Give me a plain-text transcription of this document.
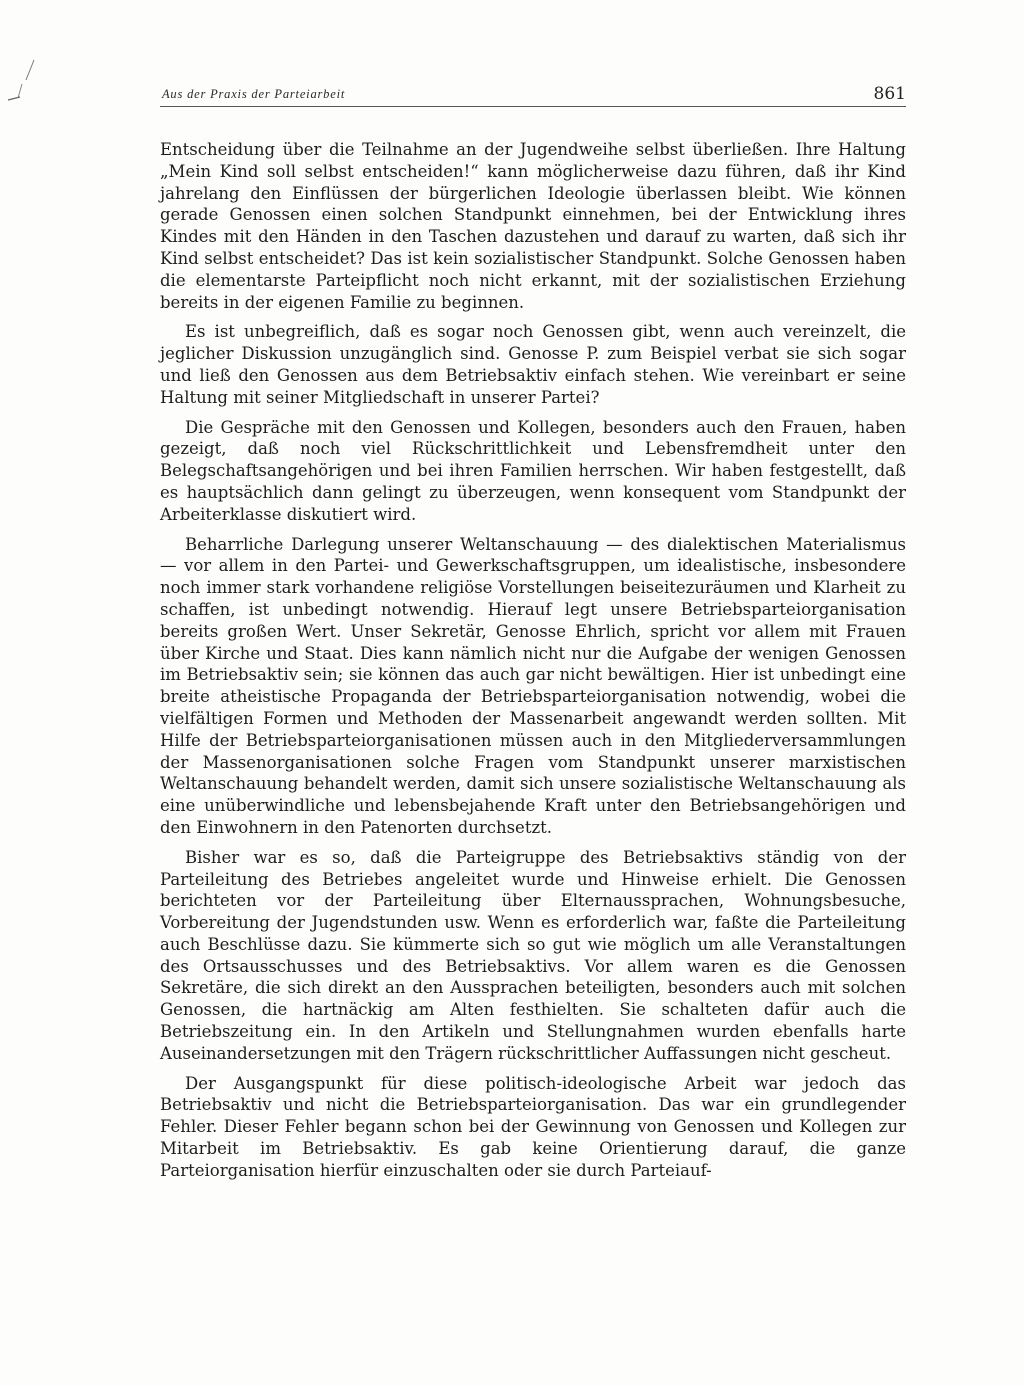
Aus der Praxis der Parteiarbeit	861

Entscheidung über die Teilnahme an der Jugendweihe selbst überließen. Ihre Haltung „Mein Kind soll selbst entscheiden!“ kann möglicherweise dazu führen, daß ihr Kind jahrelang den Einflüssen der bürgerlichen Ideologie überlassen bleibt. Wie können gerade Genossen einen solchen Standpunkt einnehmen, bei der Entwicklung ihres Kindes mit den Händen in den Taschen dazustehen und darauf zu warten, daß sich ihr Kind selbst entscheidet? Das ist kein sozialistischer Standpunkt. Solche Genossen haben die elementarste Parteipflicht noch nicht erkannt, mit der sozialistischen Erziehung bereits in der eigenen Familie zu beginnen.

Es ist unbegreiflich, daß es sogar noch Genossen gibt, wenn auch vereinzelt, die jeglicher Diskussion unzugänglich sind. Genosse P. zum Beispiel verbat sie sich sogar und ließ den Genossen aus dem Betriebsaktiv einfach stehen. Wie vereinbart er seine Haltung mit seiner Mitgliedschaft in unserer Partei?

Die Gespräche mit den Genossen und Kollegen, besonders auch den Frauen, haben gezeigt, daß noch viel Rückschrittlichkeit und Lebensfremdheit unter den Belegschaftsangehörigen und bei ihren Familien herrschen. Wir haben festgestellt, daß es hauptsächlich dann gelingt zu überzeugen, wenn konsequent vom Standpunkt der Arbeiterklasse diskutiert wird.

Beharrliche Darlegung unserer Weltanschauung — des dialektischen Materialismus — vor allem in den Partei- und Gewerkschaftsgruppen, um idealistische, insbesondere noch immer stark vorhandene religiöse Vorstellungen beiseitezuräumen und Klarheit zu schaffen, ist unbedingt notwendig. Hierauf legt unsere Betriebsparteiorganisation bereits großen Wert. Unser Sekretär, Genosse Ehrlich, spricht vor allem mit Frauen über Kirche und Staat. Dies kann nämlich nicht nur die Aufgabe der wenigen Genossen im Betriebsaktiv sein; sie können das auch gar nicht bewältigen. Hier ist unbedingt eine breite atheistische Propaganda der Betriebsparteiorganisation notwendig, wobei die vielfältigen Formen und Methoden der Massenarbeit angewandt werden sollten. Mit Hilfe der Betriebsparteiorganisationen müssen auch in den Mitgliederversammlungen der Massenorganisationen solche Fragen vom Standpunkt unserer marxistischen Weltanschauung behandelt werden, damit sich unsere sozialistische Weltanschauung als eine unüberwindliche und lebensbejahende Kraft unter den Betriebsangehörigen und den Einwohnern in den Patenorten durchsetzt.

Bisher war es so, daß die Parteigruppe des Betriebsaktivs ständig von der Parteileitung des Betriebes angeleitet wurde und Hinweise erhielt. Die Genossen berichteten vor der Parteileitung über Elternaussprachen, Wohnungsbesuche, Vorbereitung der Jugendstunden usw. Wenn es erforderlich war, faßte die Parteileitung auch Beschlüsse dazu. Sie kümmerte sich so gut wie möglich um alle Veranstaltungen des Ortsausschusses und des Betriebsaktivs. Vor allem waren es die Genossen Sekretäre, die sich direkt an den Aussprachen beteiligten, besonders auch mit solchen Genossen, die hartnäckig am Alten festhielten. Sie schalteten dafür auch die Betriebszeitung ein. In den Artikeln und Stellungnahmen wurden ebenfalls harte Auseinandersetzungen mit den Trägern rückschrittlicher Auffassungen nicht gescheut.

Der Ausgangspunkt für diese politisch-ideologische Arbeit war jedoch das Betriebsaktiv und nicht die Betriebsparteiorganisation. Das war ein grundlegender Fehler. Dieser Fehler begann schon bei der Gewinnung von Genossen und Kollegen zur Mitarbeit im Betriebsaktiv. Es gab keine Orientierung darauf, die ganze Parteiorganisation hierfür einzuschalten oder sie durch Parteiauf-
